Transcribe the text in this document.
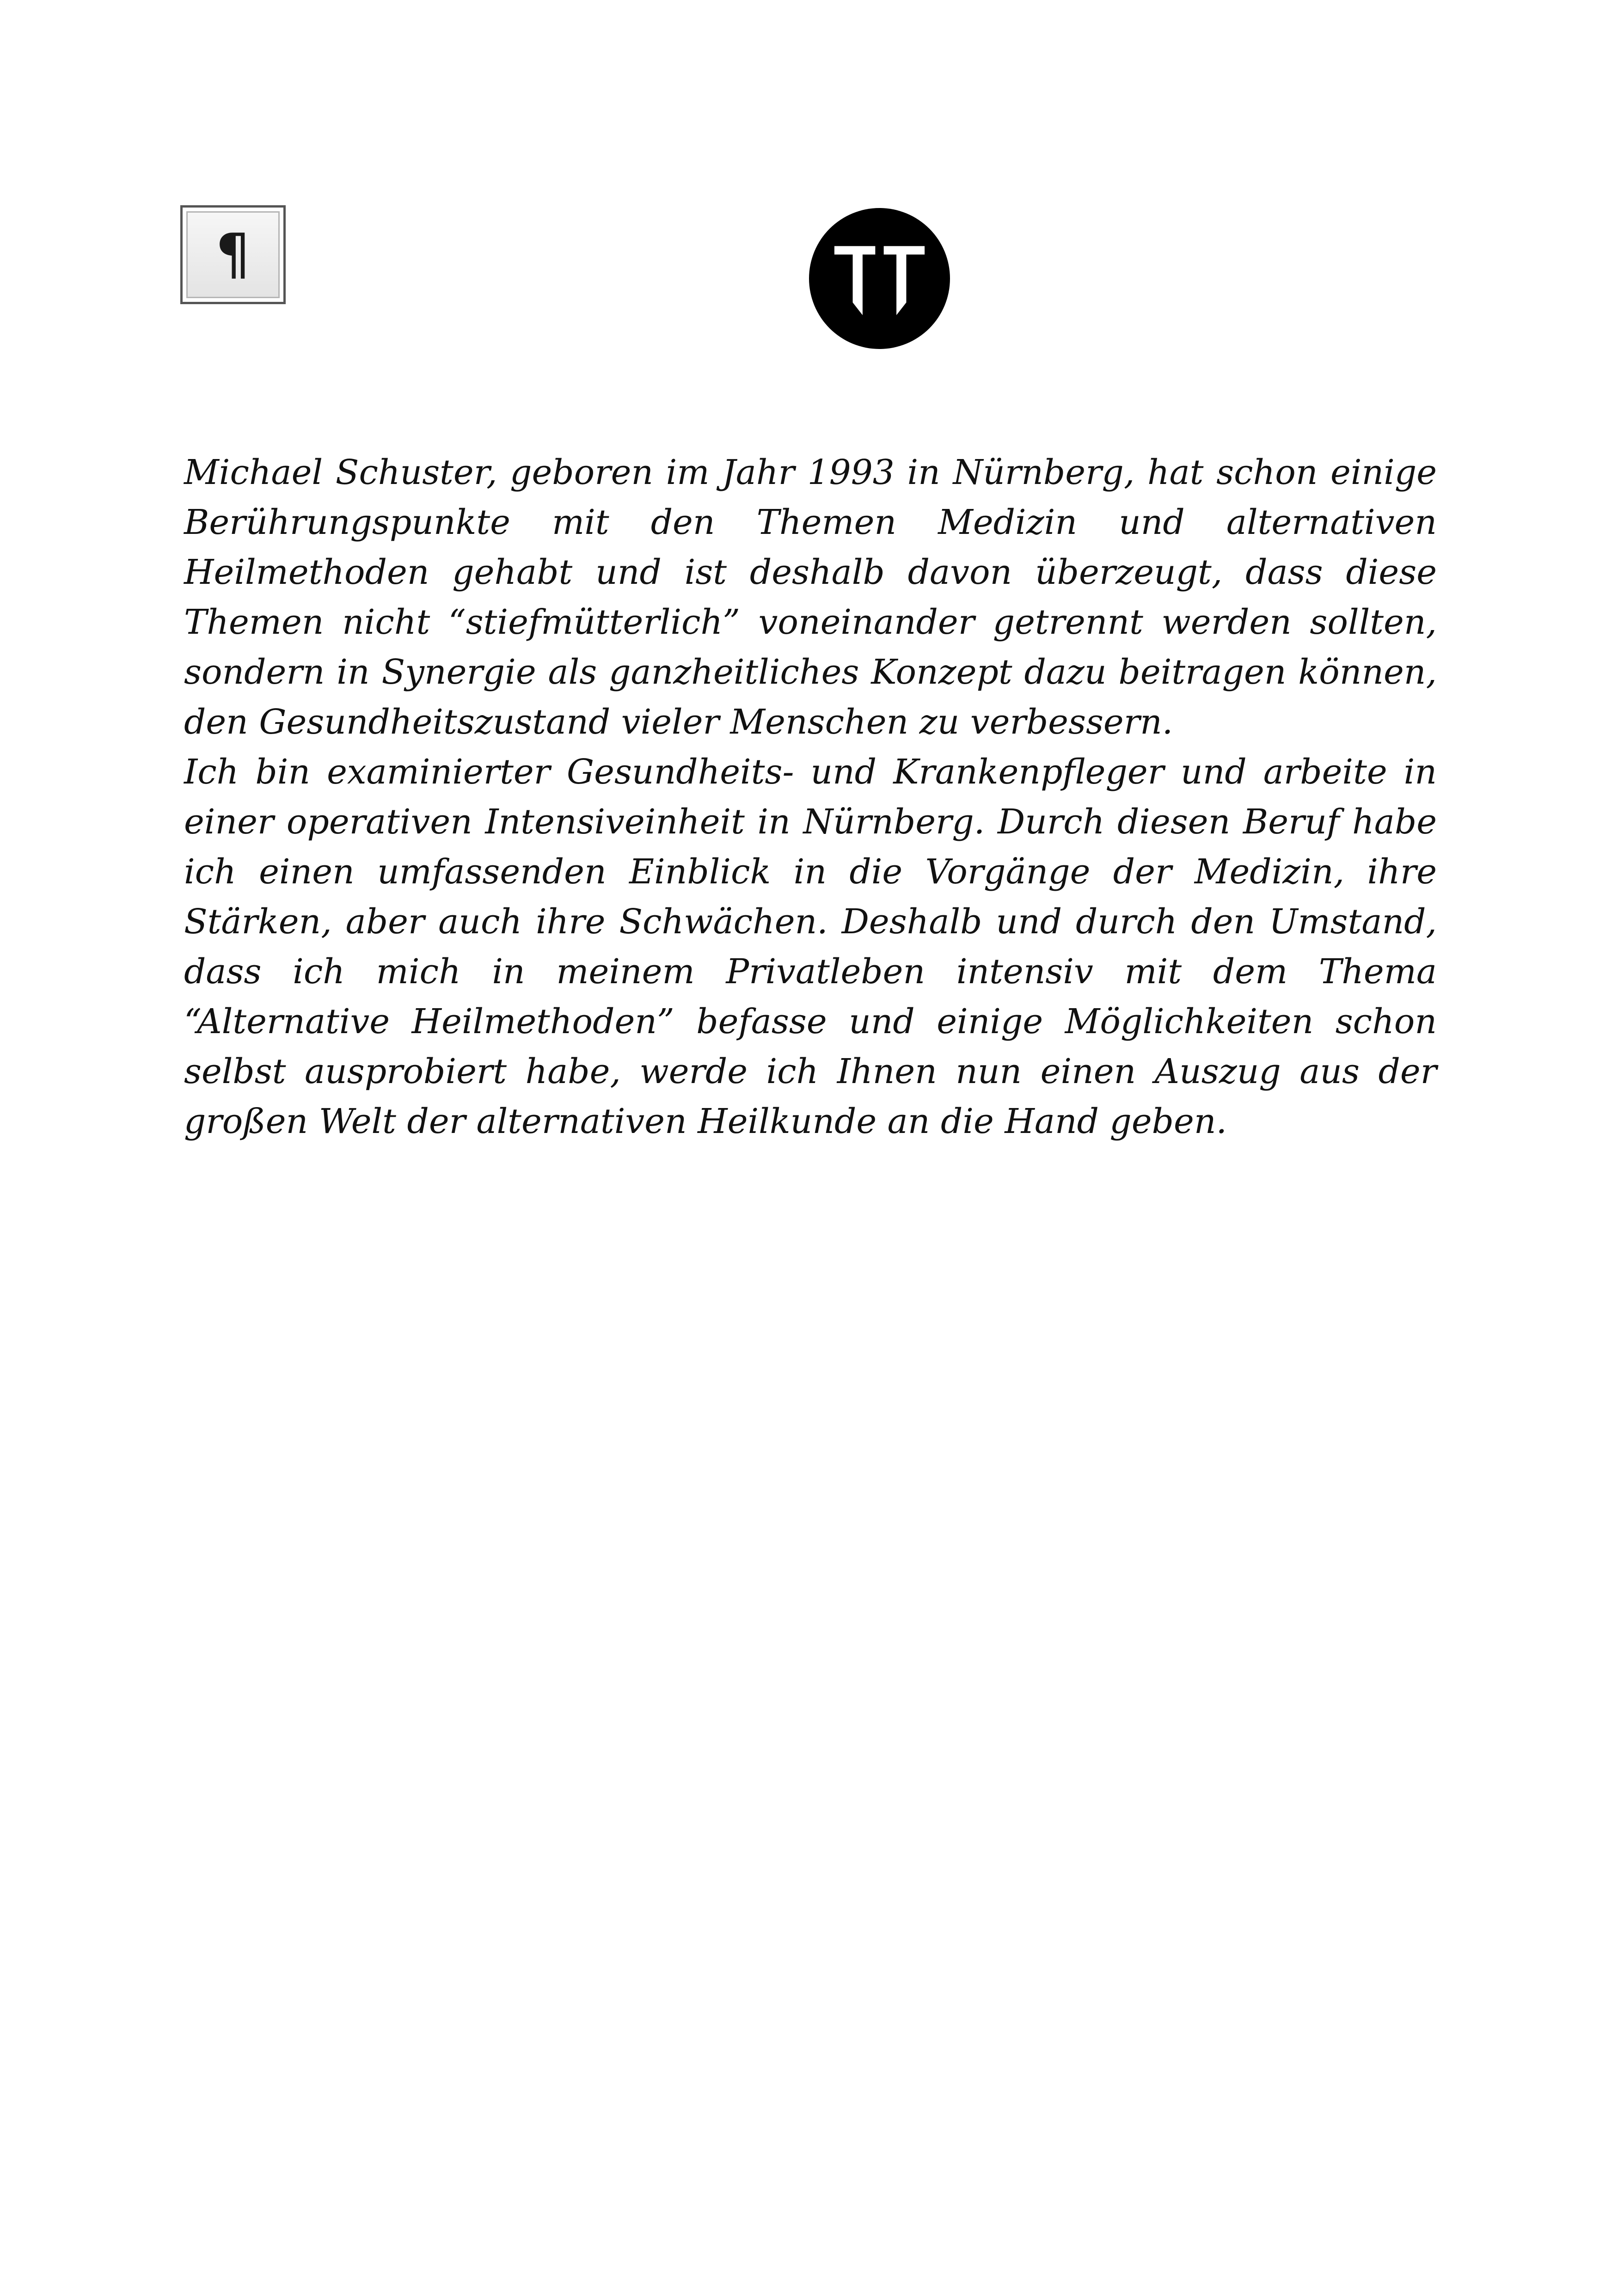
¶

Michael Schuster, geboren im Jahr 1993 in Nürnberg, hat schon einige Berührungspunkte mit den Themen Medizin und alternativen Heilmethoden gehabt und ist deshalb davon überzeugt, dass diese Themen nicht “stiefmütterlich” voneinander getrennt werden sollten, sondern in Synergie als ganzheitliches Konzept dazu beitragen können, den Gesundheitszustand vieler Menschen zu verbessern.

Ich bin examinierter Gesundheits- und Krankenpfleger und arbeite in einer operativen Intensiveinheit in Nürnberg. Durch diesen Beruf habe ich einen umfassenden Einblick in die Vorgänge der Medizin, ihre Stärken, aber auch ihre Schwächen. Deshalb und durch den Umstand, dass ich mich in meinem Privatleben intensiv mit dem Thema “Alternative Heilmethoden” befasse und einige Möglichkeiten schon selbst ausprobiert habe, werde ich Ihnen nun einen Auszug aus der großen Welt der alternativen Heilkunde an die Hand geben.
